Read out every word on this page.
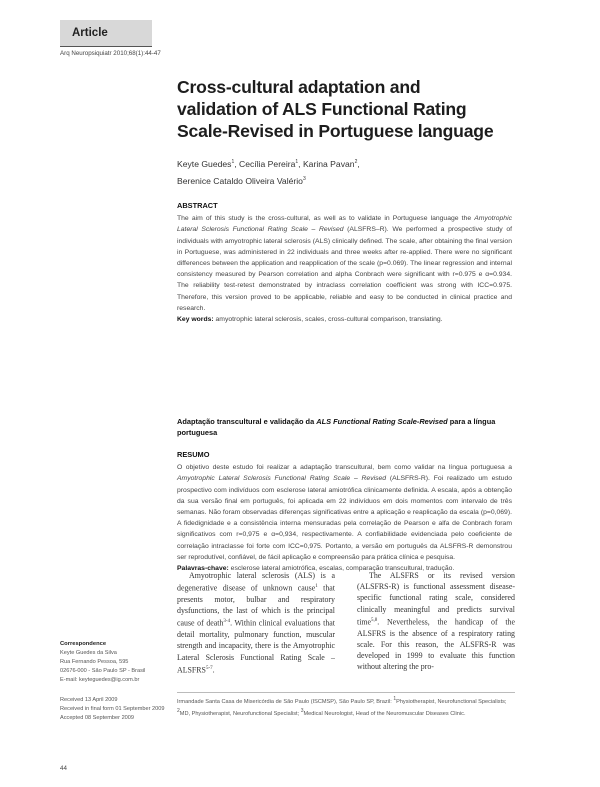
Article
Arq Neuropsiquiatr 2010;68(1):44-47
Cross-cultural adaptation and
validation of ALS Functional Rating
Scale-Revised in Portuguese language
Keyte Guedes$^1$, Cecília Pereira$^1$, Karina Pavan$^2$,
Berenice Cataldo Oliveira Valério$^3$
ABSTRACT
The aim of this study is the cross-cultural, as well as to validate in Portuguese language the Amyotrophic Lateral Sclerosis Functional Rating Scale – Revised (ALSFRS–R). We performed a prospective study of individuals with amyotrophic lateral sclerosis (ALS) clinically defined. The scale, after obtaining the final version in Portuguese, was administered in 22 individuals and three weeks after re-applied. There were no significant differences between the application and reapplication of the scale (p=0.069). The linear regression and internal consistency measured by Pearson correlation and alpha Conbrach were significant with r=0.975 e α=0.934. The reliability test-retest demonstrated by intraclass correlation coefficient was strong with ICC=0.975. Therefore, this version proved to be applicable, reliable and easy to be conducted in clinical practice and research.
Key words: amyotrophic lateral sclerosis, scales, cross-cultural comparison, translating.
Adaptação transcultural e validação da ALS Functional Rating Scale-Revised para a língua portuguesa
RESUMO
O objetivo deste estudo foi realizar a adaptação transcultural, bem como validar na língua portuguesa a Amyotrophic Lateral Sclerosis Functional Rating Scale – Revised (ALSFRS-R). Foi realizado um estudo prospectivo com indivíduos com esclerose lateral amiotrófica clinicamente definida. A escala, após a obtenção da sua versão final em português, foi aplicada em 22 indivíduos em dois momentos com intervalo de três semanas. Não foram observadas diferenças significativas entre a aplicação e reaplicação da escala (p=0,069). A fidedignidade e a consistência interna mensuradas pela correlação de Pearson e alfa de Conbrach foram significativos com r=0,975 e α=0,934, respectivamente. A confiabilidade evidenciada pelo coeficiente de correlação intraclasse foi forte com ICC=0,975. Portanto, a versão em português da ALSFRS-R demonstrou ser reprodutível, confiável, de fácil aplicação e compreensão para prática clínica e pesquisa.
Palavras-chave: esclerose lateral amiotrófica, escalas, comparação transcultural, tradução.
Amyotrophic lateral sclerosis (ALS) is a degenerative disease of unknown cause$^1$ that presents motor, bulbar and respiratory dysfunctions, the last of which is the principal cause of death$^{3-4}$. Within clinical evaluations that detail mortality, pulmonary function, muscular strength and incapacity, there is the Amyotrophic Lateral Sclerosis Functional Rating Scale – ALSFRS$^{5-7}$.
The ALSFRS or its revised version (ALSFRS-R) is functional assessment disease-specific functional rating scale, considered clinically meaningful and predicts survival time$^{5,8}$. Nevertheless, the handicap of the ALSFRS is the absence of a respiratory rating scale. For this reason, the ALSFRS-R was developed in 1999 to evaluate this function without altering the pro-
Correspondence
Keyte Guedes da Silva
Rua Fernando Pessoa, 595
02676-000 - São Paulo SP - Brasil
E-mail: keyteguedes@ig.com.br
Received 13 April 2009
Received in final form 01 September 2009
Accepted 08 September 2009
Irmandade Santa Casa de Misericórdia de São Paulo (ISCMSP), São Paulo SP, Brazil: $^1$Physiotherapist, Neurofunctional Specialists; $^2$MD, Physiotherapist, Neurofunctional Specialist; $^3$Medical Neurologist, Head of the Neuromuscular Diseases Clinic.
44
